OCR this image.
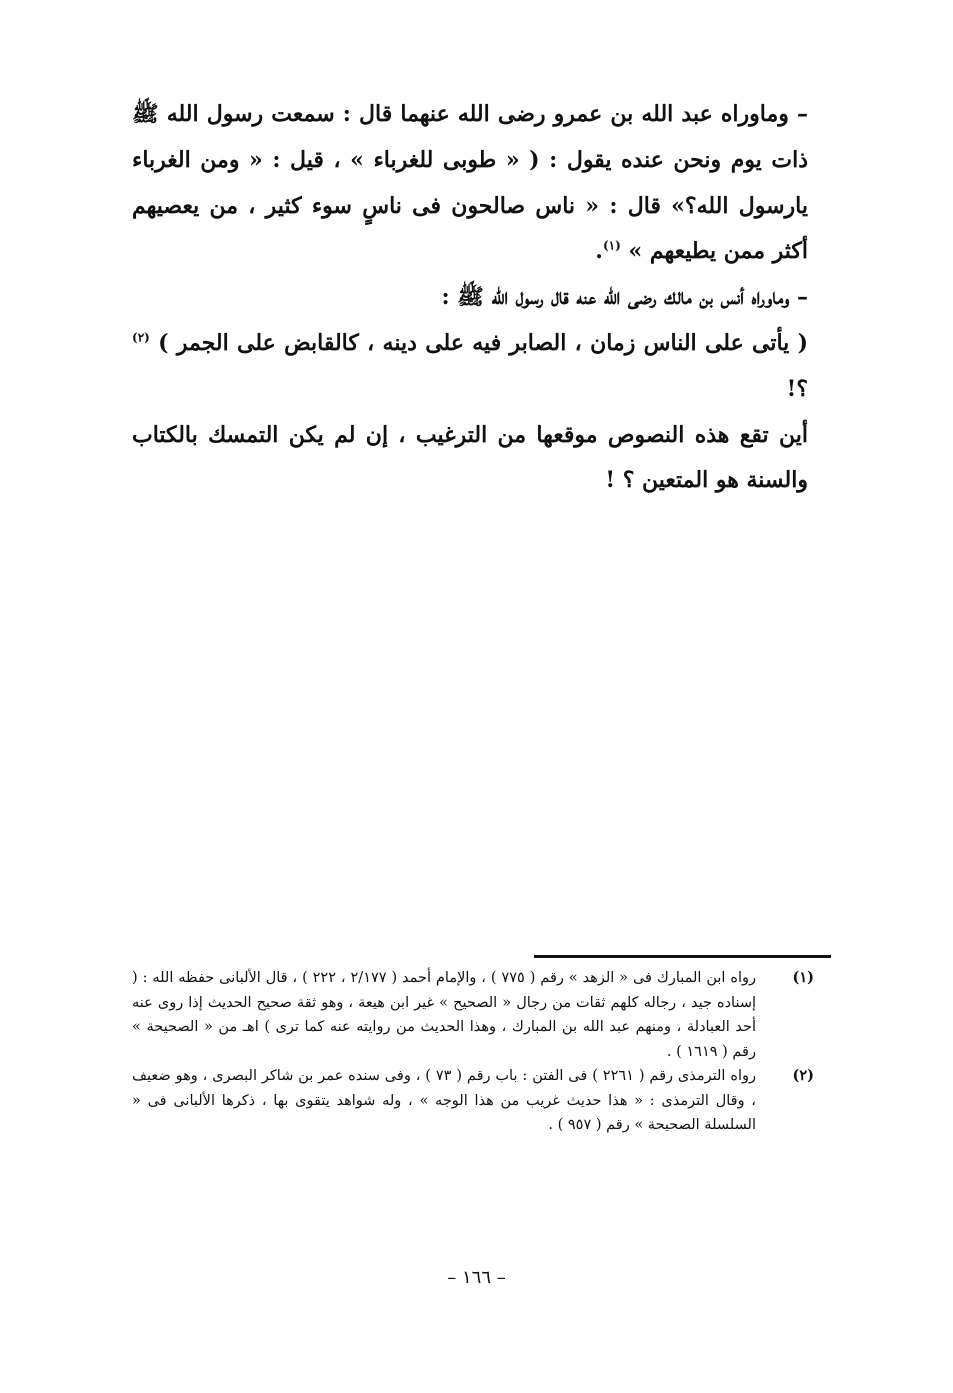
– وماوراه عبد الله بن عمرو رضى الله عنهما قال : سمعت رسول الله ﷺ ذات يوم ونحن عنده يقول : ( « طوبى للغرباء » ، قيل : « ومن الغرباء يارسول الله؟» قال : « ناس صالحون فى ناسٍ سوء كثير ، من يعصيهم أكثر ممن يطيعهم » $^{(١)}$.

– وماوراه أنس بن مالك رضى الله عنه قال رسول الله ﷺ :

( يأتى على الناس زمان ، الصابر فيه على دينه ، كالقابض على الجمر ) $^{(٢)}$ ؟!

أين تقع هذه النصوص موقعها من الترغيب ، إن لم يكن التمسك بالكتاب والسنة هو المتعين ؟ !

(١)
رواه ابن المبارك فى « الزهد » رقم ( ٧٧٥ ) ، والإمام أحمد ( ٢/١٧٧ ، ٢٢٢ ) ، قال الألبانى حفظه الله : ( إسناده جيد ، رجاله كلهم ثقات من رجال « الصحيح » غير ابن هيعة ، وهو ثقة صحيح الحديث إذا روى عنه أحد العبادلة ، ومنهم عبد الله بن المبارك ، وهذا الحديث من روايته عنه كما ترى ) اهـ من « الصحيحة » رقم ( ١٦١٩ ) .
(٢)
رواه الترمذى رقم ( ٢٢٦١ ) فى الفتن : باب رقم ( ٧٣ ) ، وفى سنده عمر بن شاكر البصرى ، وهو ضعيف ، وقال الترمذى : « هذا حديث غريب من هذا الوجه » ، وله شواهد يتقوى بها ، ذكرها الألبانى فى « السلسلة الصحيحة » رقم ( ٩٥٧ ) .
– ١٦٦ –
